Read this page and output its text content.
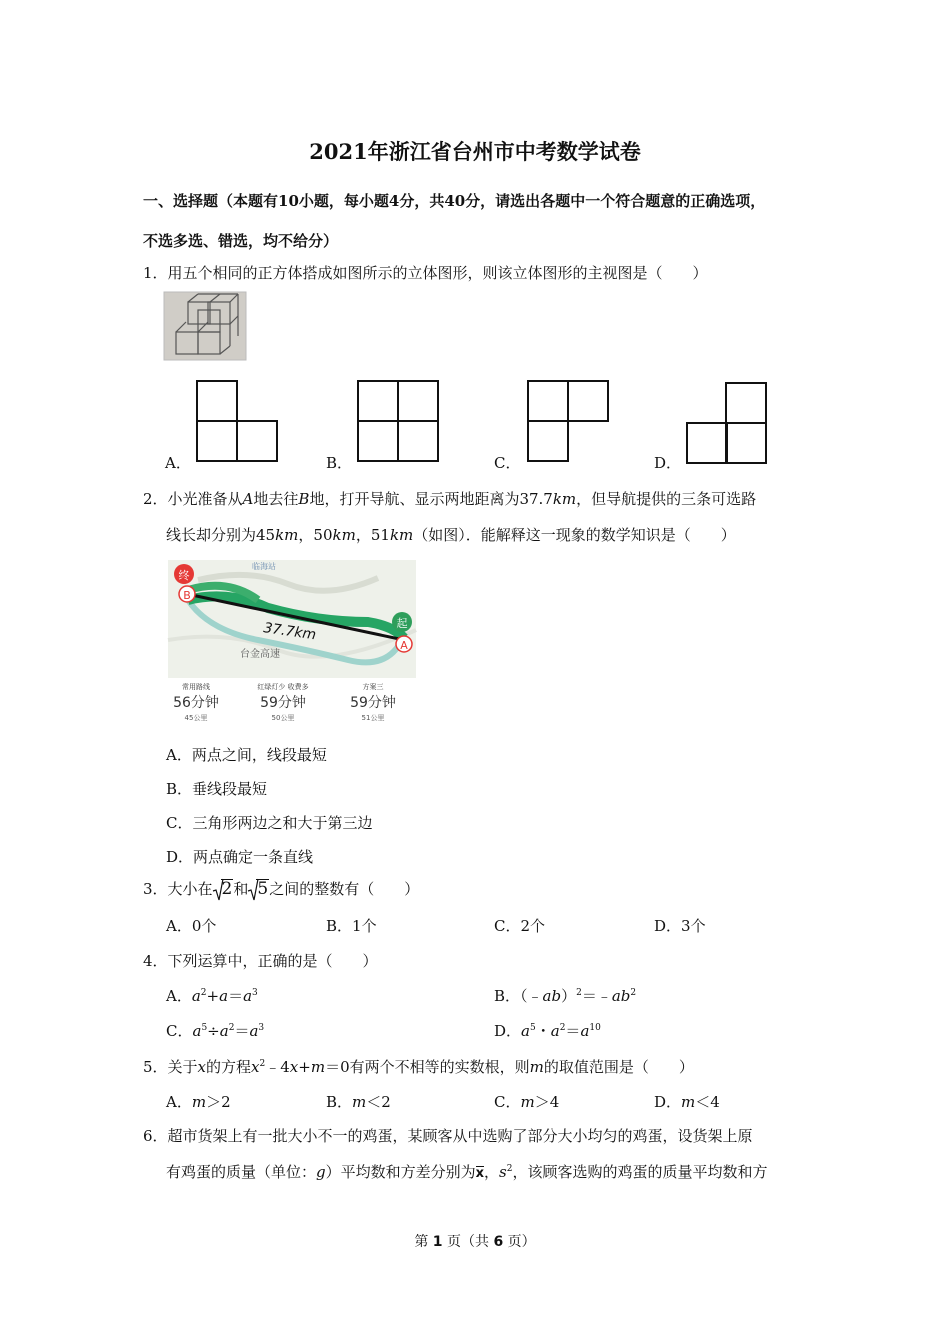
2021年浙江省台州市中考数学试卷
一、选择题（本题有10小题，每小题4分，共40分，请选出各题中一个符合题意的正确选项，
不选多选、错选，均不给分）
1．用五个相同的正方体搭成如图所示的立体图形，则该立体图形的主视图是（　　）
A．	B．	C．	D．
2．小光准备从A地去往B地，打开导航、显示两地距离为37.7km，但导航提供的三条可选路
线长却分别为45km，50km，51km（如图）．能解释这一现象的数学知识是（　　）
终
B
起
A
37.7km
临海站
台金高速
常用路线
56分钟
45公里
红绿灯少 收费多
59分钟
50公里
方案三
59分钟
51公里
A．两点之间，线段最短
B．垂线段最短
C．三角形两边之和大于第三边
D．两点确定一条直线
3．大小在 2和 5之间的整数有（　　）
A．0个	B．1个	C．2个	D．3个
4．下列运算中，正确的是（　　）
A．$a^2+a=a^3$	B．$(﹣ab)^2=﹣ab^2$
C．$a^5\div a^2=a^3$	D．$a^5$・$a^2=a^{10}$
5．关于x的方程$x^2﹣4x+m=0$有两个不相等的实数根，则m的取值范围是（　　）
A．m＞2	B．m＜2	C．m＞4	D．m＜4
6．超市货架上有一批大小不一的鸡蛋，某顾客从中选购了部分大小均匀的鸡蛋，设货架上原
有鸡蛋的质量（单位：g）平均数和方差分别为x，$s^2$，该顾客选购的鸡蛋的质量平均数和方
第 1 页（共 6 页）
